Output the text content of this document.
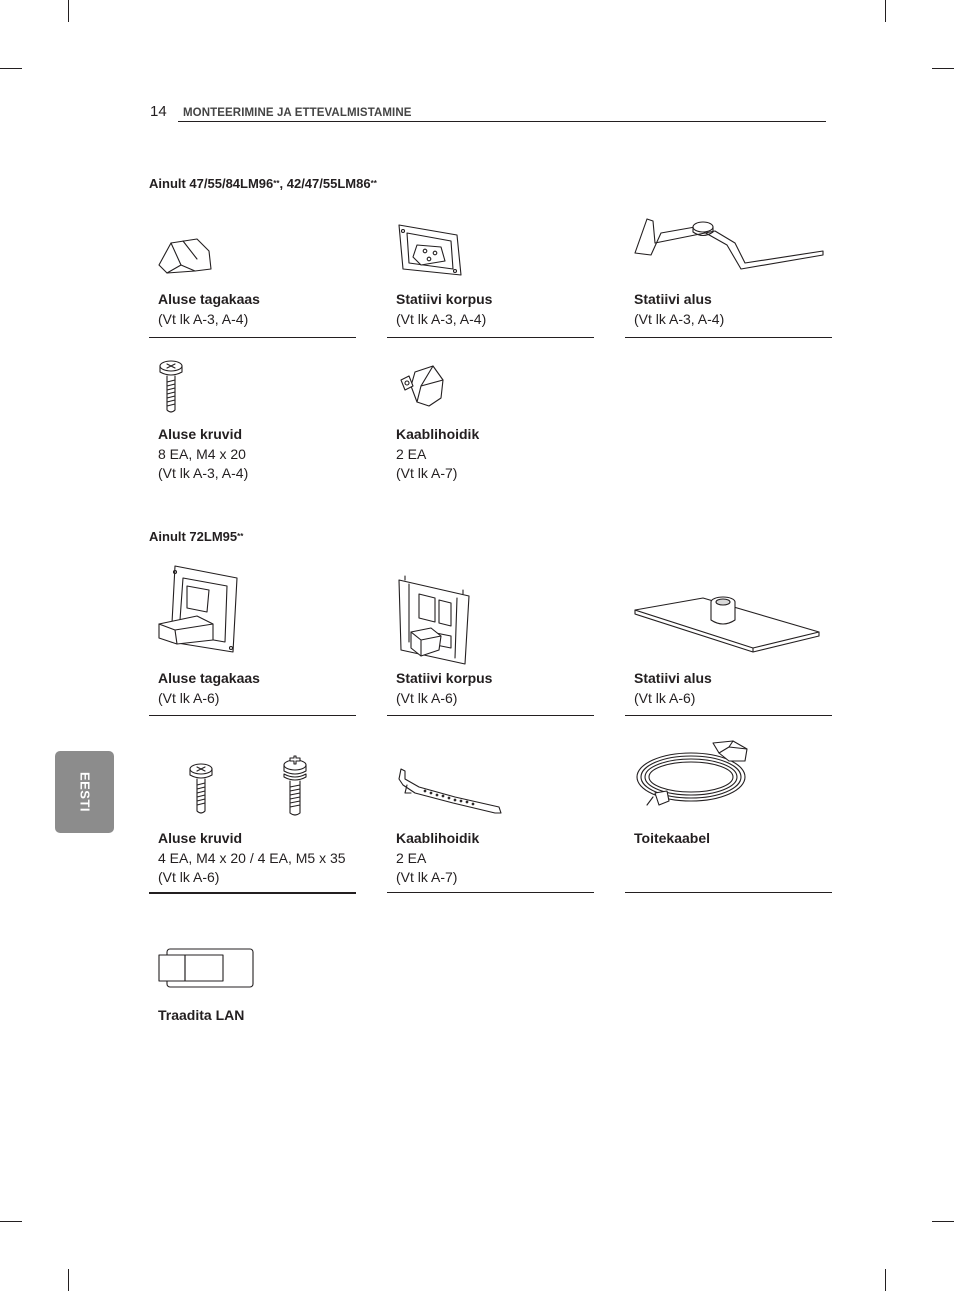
14 MONTEERIMINE JA ETTEVALMISTAMINE
EESTI
Ainult 47/55/84LM96**, 42/47/55LM86**
Aluse tagakaas
(Vt lk A-3, A-4)
Statiivi korpus
(Vt lk A-3, A-4)
Statiivi alus
(Vt lk A-3, A-4)
Aluse kruvid
8 EA, M4 x 20
(Vt lk A-3, A-4)
Kaablihoidik
2 EA
(Vt lk A-7)
Ainult 72LM95**
Aluse tagakaas
(Vt lk A-6)
Statiivi korpus
(Vt lk A-6)
Statiivi alus
(Vt lk A-6)
Aluse kruvid
4 EA, M4 x 20 / 4 EA, M5 x 35
(Vt lk A-6)
Kaablihoidik
2 EA
(Vt lk A-7)
Toitekaabel
Traadita LAN
